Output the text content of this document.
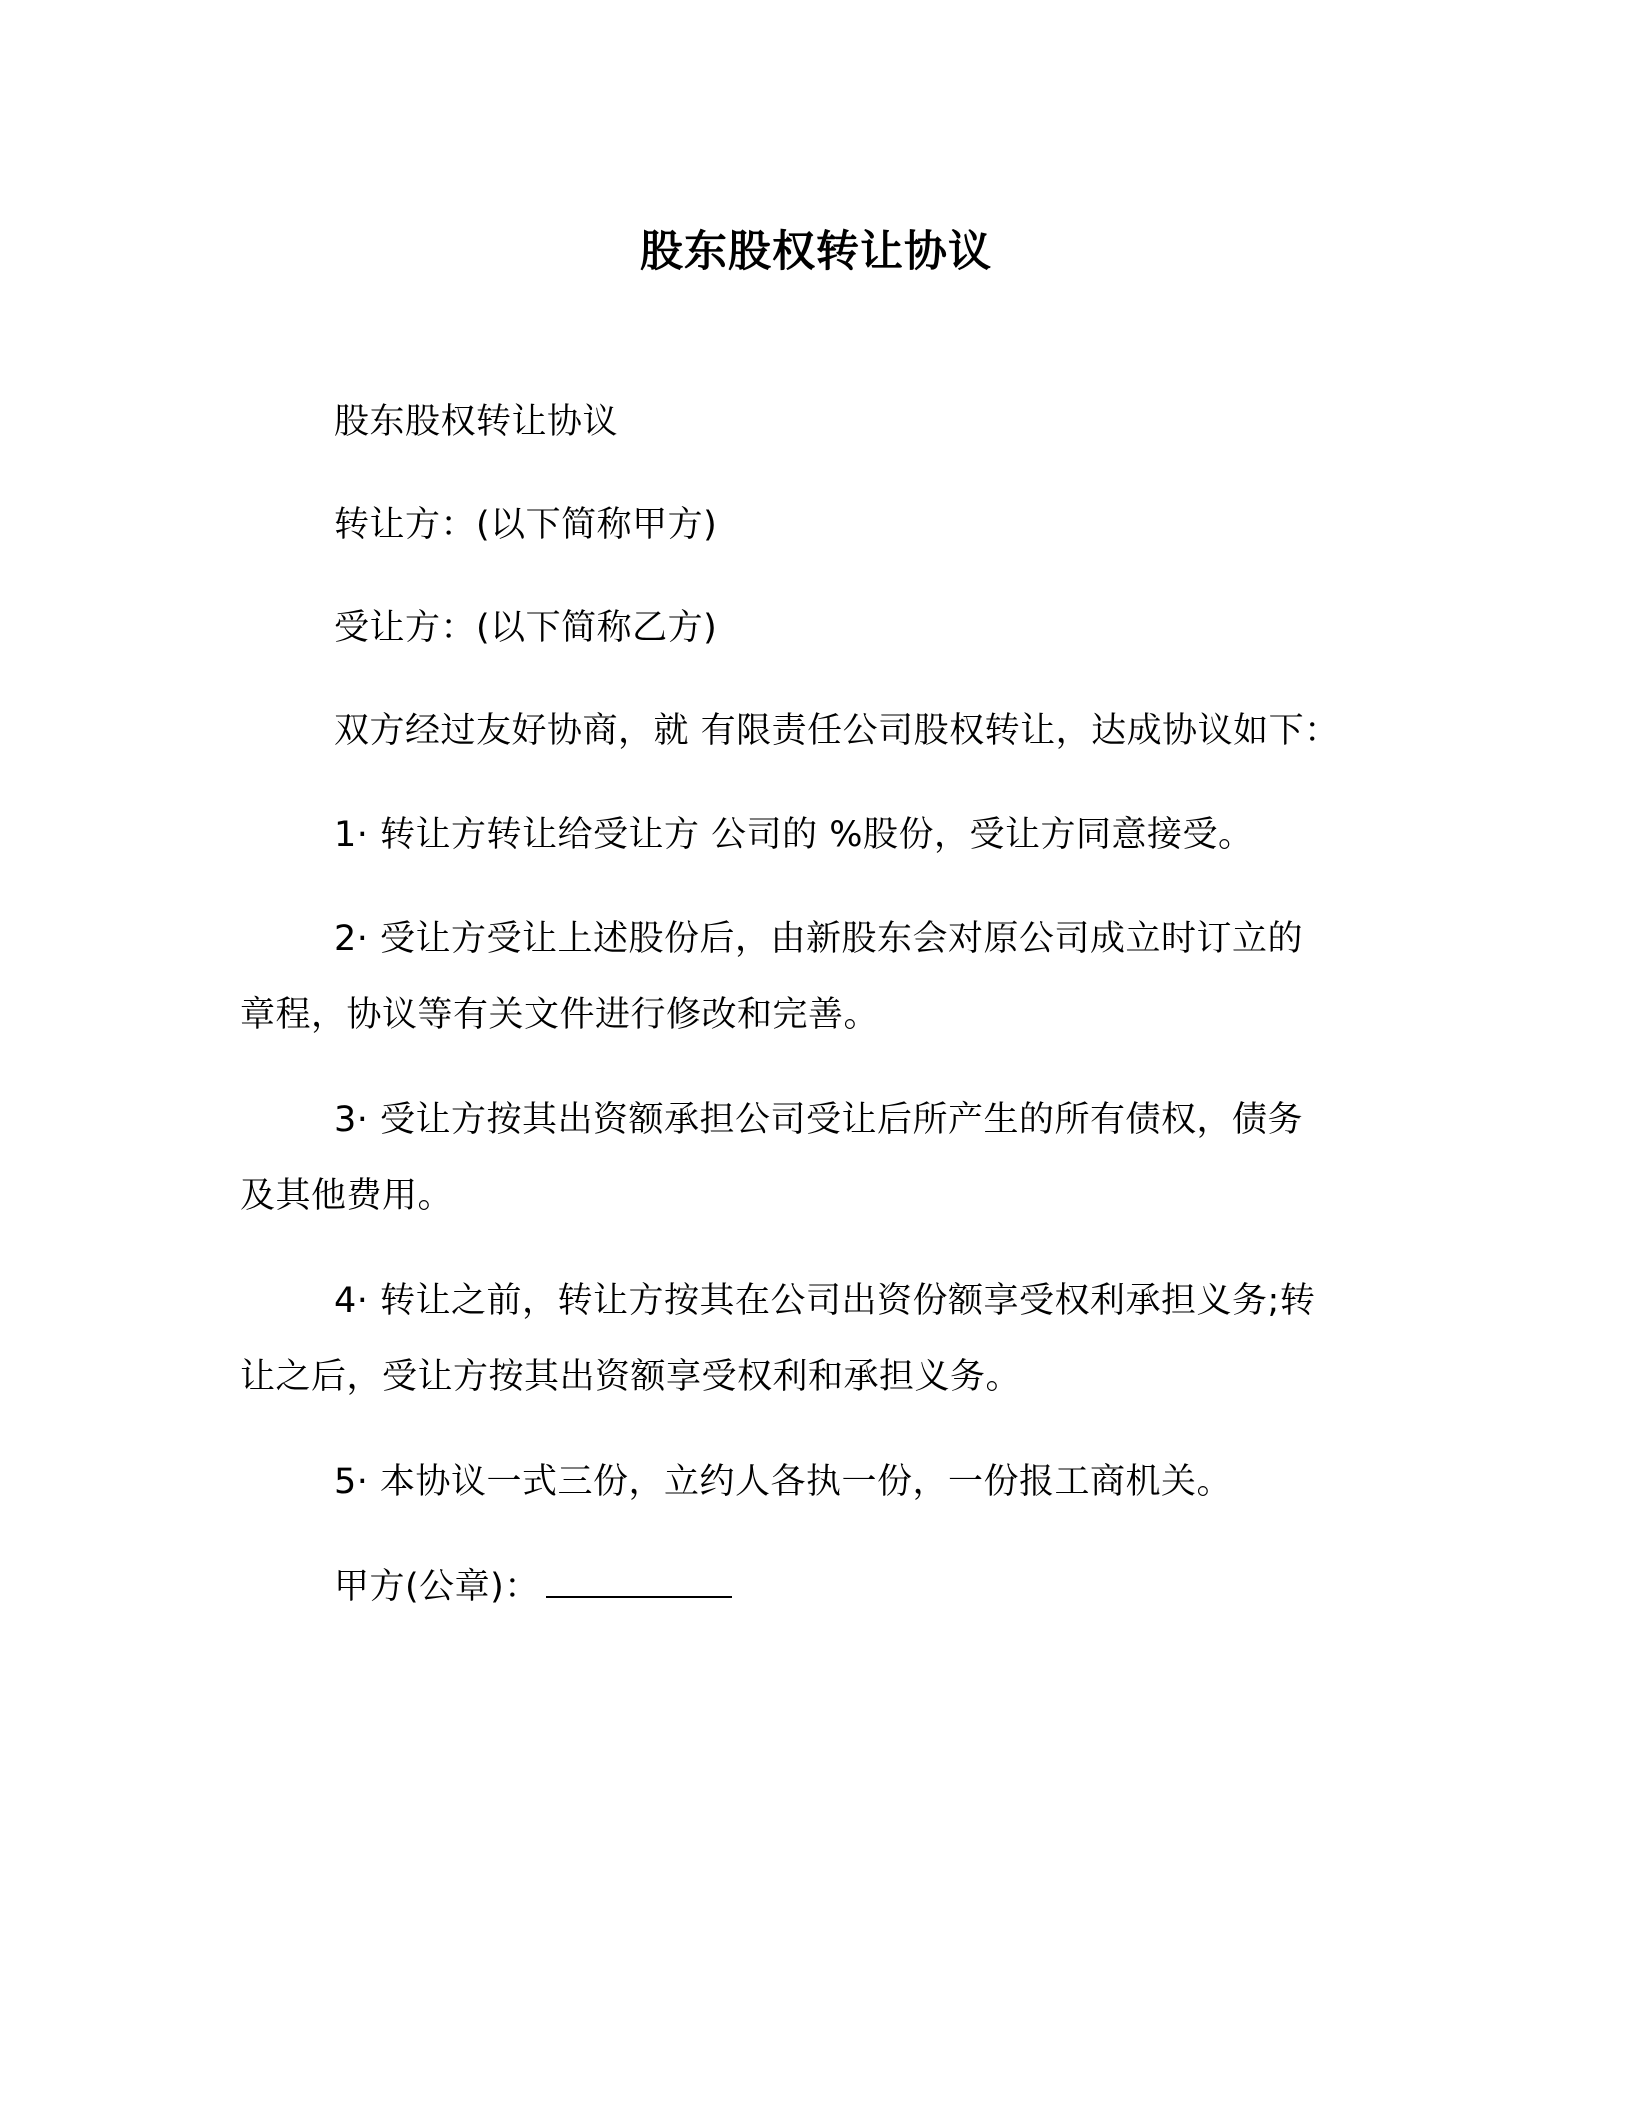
股东股权转让协议
股东股权转让协议
转让方：(以下简称甲方)
受让方：(以下简称乙方)
双方经过友好协商，就 有限责任公司股权转让，达成协议如下：
1· 转让方转让给受让方 公司的 %股份，受让方同意接受。
2· 受让方受让上述股份后，由新股东会对原公司成立时订立的
章程，协议等有关文件进行修改和完善。
3· 受让方按其出资额承担公司受让后所产生的所有债权，债务
及其他费用。
4· 转让之前，转让方按其在公司出资份额享受权利承担义务;转
让之后，受让方按其出资额享受权利和承担义务。
5· 本协议一式三份，立约人各执一份，一份报工商机关。
甲方(公章)：
